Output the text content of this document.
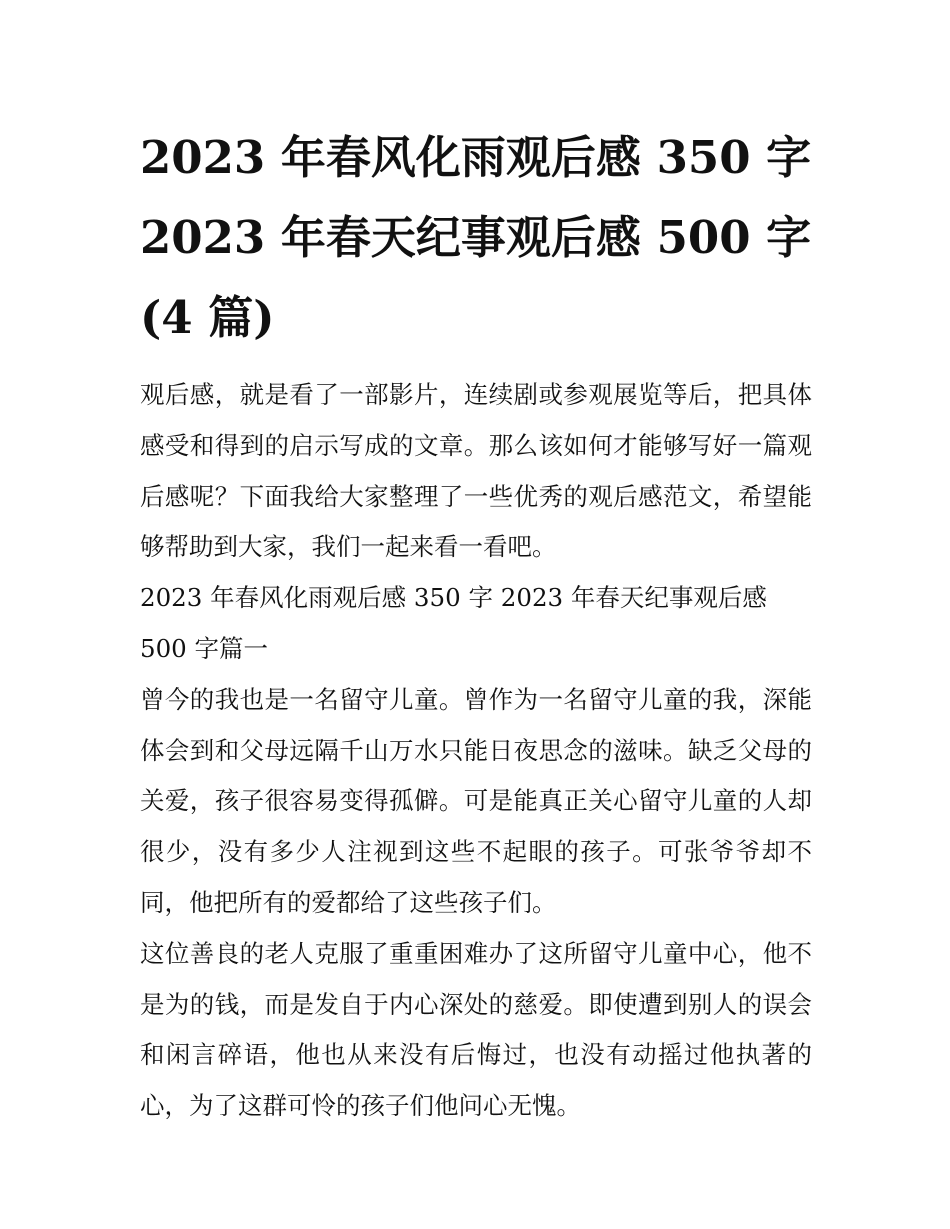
2023 年春风化雨观后感 350 字
2023 年春天纪事观后感 500 字
(4 篇)

观后感，就是看了一部影片，连续剧或参观展览等后，把具体感受和得到的启示写成的文章。那么该如何才能够写好一篇观后感呢？下面我给大家整理了一些优秀的观后感范文，希望能够帮助到大家，我们一起来看一看吧。

2023 年春风化雨观后感 350 字 2023 年春天纪事观后感 500 字篇一

曾今的我也是一名留守儿童。曾作为一名留守儿童的我，深能体会到和父母远隔千山万水只能日夜思念的滋味。缺乏父母的关爱，孩子很容易变得孤僻。可是能真正关心留守儿童的人却很少，没有多少人注视到这些不起眼的孩子。可张爷爷却不同，他把所有的爱都给了这些孩子们。

这位善良的老人克服了重重困难办了这所留守儿童中心，他不是为的钱，而是发自于内心深处的慈爱。即使遭到别人的误会和闲言碎语，他也从来没有后悔过，也没有动摇过他执著的心，为了这群可怜的孩子们他问心无愧。
